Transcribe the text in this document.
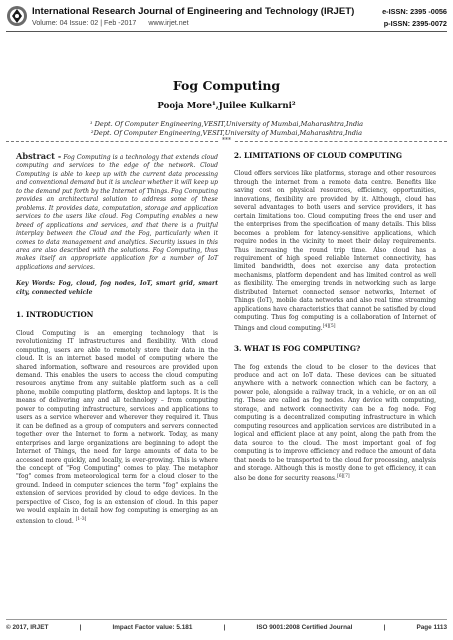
International Research Journal of Engineering and Technology (IRJET)
Volume: 04 Issue: 02 | Feb -2017 www.irjet.net
e-ISSN: 2395 -0056
p-ISSN: 2395-0072
Fog Computing
Pooja More¹,Juilee Kulkarni²
¹ Dept. Of Computer Engineering,VESIT,University of Mumbai,Maharashtra,India
²Dept. Of Computer Engineering,VESIT,University of Mumbai,Maharashtra,India
***

Abstract - Fog Computing is a technology that extends cloud computing and services to the edge of the network. Cloud Computing is able to keep up with the current data processing and conventional demand but it is unclear whether it will keep up to the demand put forth by the Internet of Things. Fog Computing provides an architectural solution to address some of these problems. It provides data, computation, storage and application services to the users like cloud. Fog Computing enables a new breed of applications and services, and that there is a fruitful interplay between the Cloud and the Fog, particularly when it comes to data management and analytics. Security issues in this area are also described with the solutions. Fog Computing, thus makes itself an appropriate application for a number of IoT applications and services.

Key Words: Fog, cloud, fog nodes, IoT, smart grid, smart city, connected vehicle

1. INTRODUCTION

Cloud Computing is an emerging technology that is revolutionizing IT infrastructures and flexibility. With cloud computing, users are able to remotely store their data in the cloud. It is an internet based model of computing where the shared information, software and resources are provided upon demand. This enables the users to access the cloud computing resources anytime from any suitable platform such as a cell phone, mobile computing platform, desktop and laptops. It is the means of delivering any and all technology – from computing power to computing infrastructure, services and applications to users as a service wherever and wherever they required it. Thus it can be defined as a group of computers and servers connected together over the Internet to form a network. Today, as many enterprises and large organizations are beginning to adopt the Internet of Things, the need for large amounts of data to be accessed more quickly, and locally, is ever-growing. This is where the concept of "Fog Computing" comes to play. The metaphor "fog" comes from meteorological term for a cloud closer to the ground. Indeed in computer sciences the term "fog" explains the extension of services provided by cloud to edge devices. In the perspective of Cisco, fog is an extension of cloud. In this paper we would explain in detail how fog computing is emerging as an extension to cloud. [1-3]

2. LIMITATIONS OF CLOUD COMPUTING

Cloud offers services like platforms, storage and other resources through the internet from a remote data centre. Benefits like saving cost on physical resources, efficiency, opportunities, innovations, flexibility are provided by it. Although, cloud has several advantages to both users and service providers, it has certain limitations too. Cloud computing frees the end user and the enterprises from the specification of many details. This bliss becomes a problem for latency-sensitive applications, which require nodes in the vicinity to meet their delay requirements. Thus increasing the round trip time. Also cloud has a requirement of high speed reliable Internet connectivity, has limited bandwidth, does not exercise any data protection mechanisms, platform dependent and has limited control as well as flexibility. The emerging trends in networking such as large distributed Internet connected sensor networks, Internet of Things (IoT), mobile data networks and also real time streaming applications have characteristics that cannot be satisfied by cloud computing. Thus fog computing is a collaboration of Internet of Things and cloud computing.[4][5]

3. WHAT IS FOG COMPUTING?

The fog extends the cloud to be closer to the devices that produce and act on IoT data. These devices can be situated anywhere with a network connection which can be factory, a power pole, alongside a railway track, in a vehicle, or on an oil rig. These are called as fog nodes. Any device with computing, storage, and network connectivity can be a fog node. Fog computing is a decentralized computing infrastructure in which computing resources and application services are distributed in a logical and efficient place at any point, along the path from the data source to the cloud. The most important goal of fog computing is to improve efficiency and reduce the amount of data that needs to be transported to the cloud for processing, analysis and storage. Although this is mostly done to get efficiency, it can also be done for security reasons.[6][7]

© 2017, IRJET	|	Impact Factor value: 5.181	|	ISO 9001:2008 Certified Journal	|	Page 1113
